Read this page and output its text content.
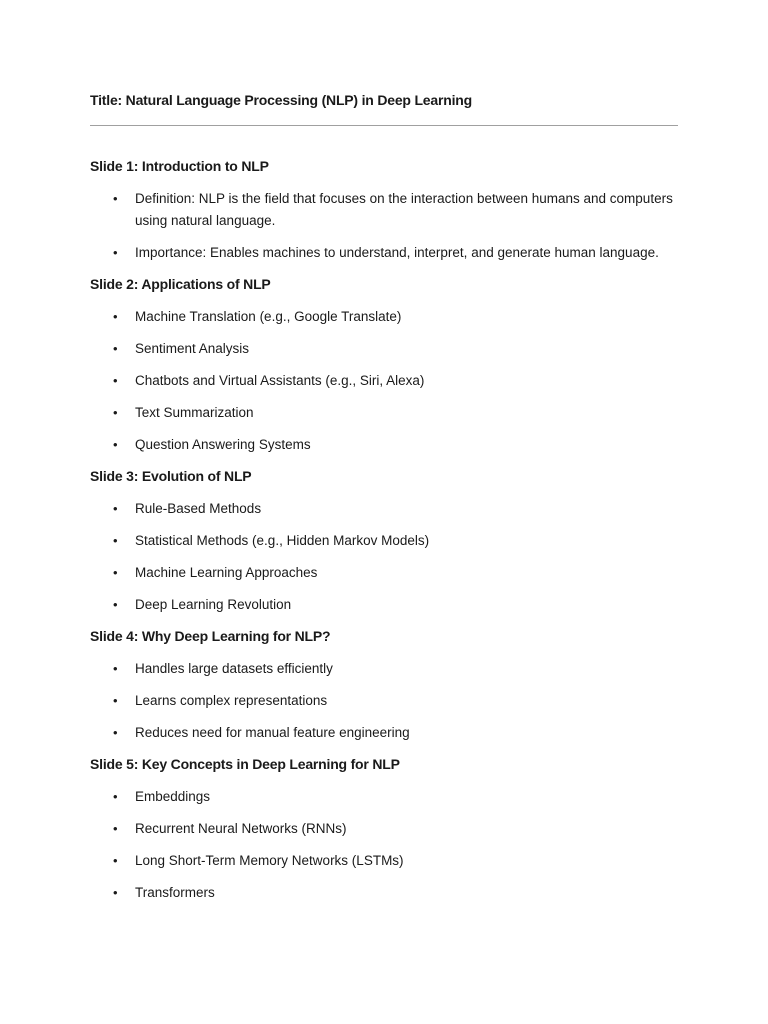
Title: Natural Language Processing (NLP) in Deep Learning
Slide 1: Introduction to NLP
• Definition: NLP is the field that focuses on the interaction between humans and computers using natural language.
• Importance: Enables machines to understand, interpret, and generate human language.
Slide 2: Applications of NLP
• Machine Translation (e.g., Google Translate)
• Sentiment Analysis
• Chatbots and Virtual Assistants (e.g., Siri, Alexa)
• Text Summarization
• Question Answering Systems
Slide 3: Evolution of NLP
• Rule-Based Methods
• Statistical Methods (e.g., Hidden Markov Models)
• Machine Learning Approaches
• Deep Learning Revolution
Slide 4: Why Deep Learning for NLP?
• Handles large datasets efficiently
• Learns complex representations
• Reduces need for manual feature engineering
Slide 5: Key Concepts in Deep Learning for NLP
• Embeddings
• Recurrent Neural Networks (RNNs)
• Long Short-Term Memory Networks (LSTMs)
• Transformers
